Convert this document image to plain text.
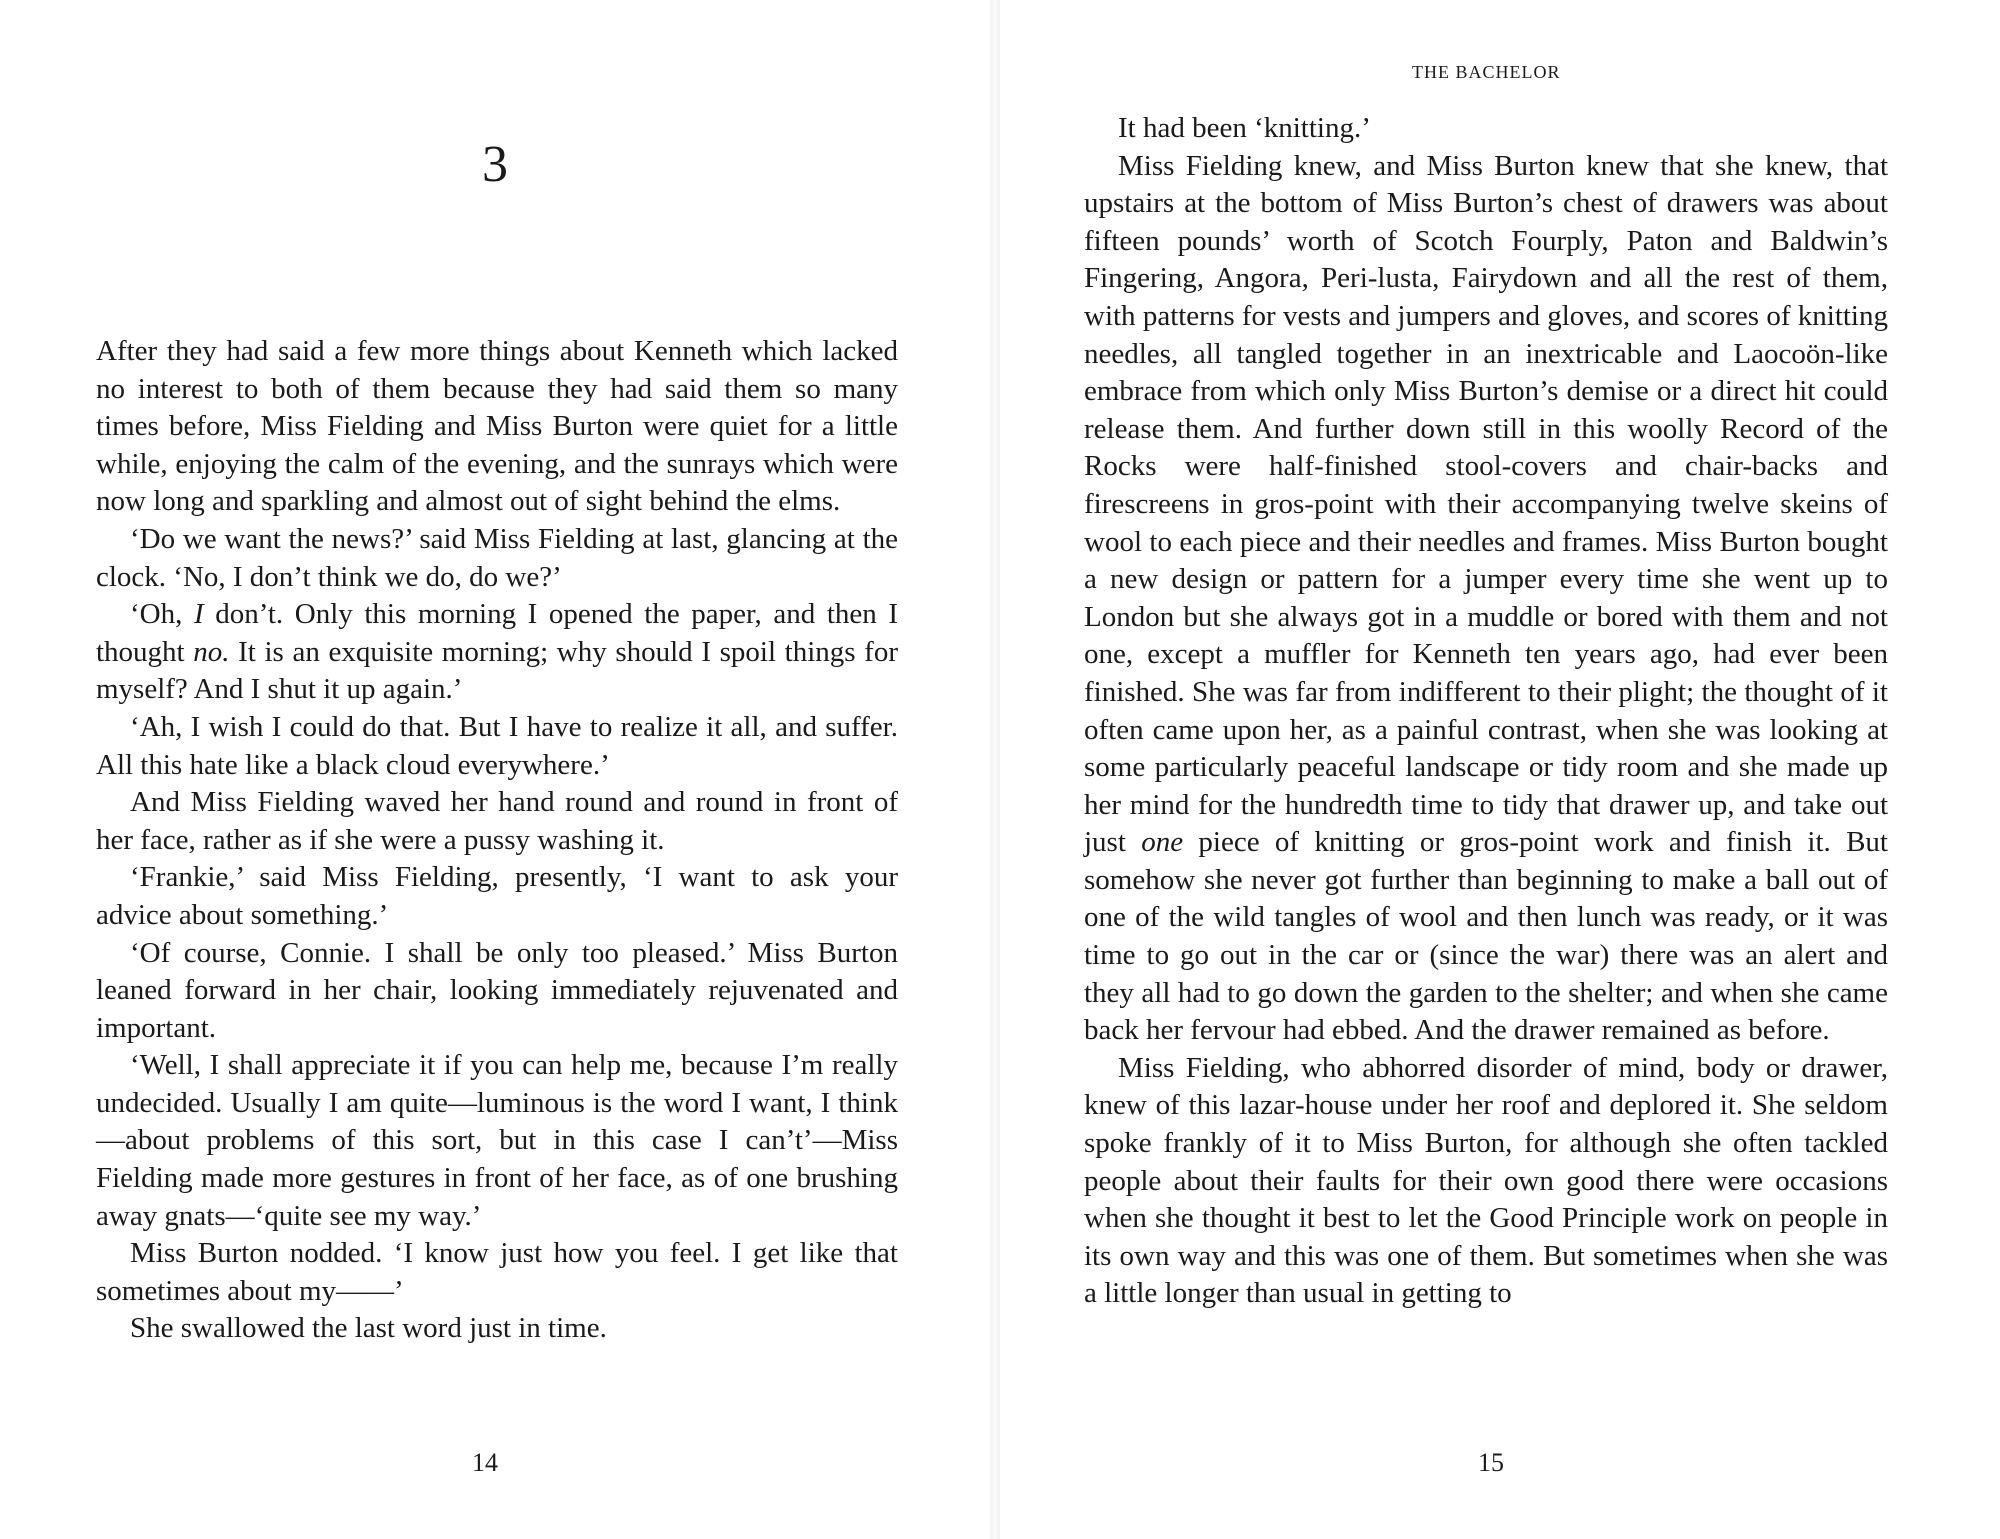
3

After they had said a few more things about Kenneth which lacked no interest to both of them because they had said them so many times before, Miss Fielding and Miss Burton were quiet for a little while, enjoying the calm of the evening, and the sunrays which were now long and sparkling and almost out of sight behind the elms.

‘Do we want the news?’ said Miss Fielding at last, glancing at the clock. ‘No, I don’t think we do, do we?’

‘Oh, I don’t. Only this morning I opened the paper, and then I thought no. It is an exquisite morning; why should I spoil things for myself? And I shut it up again.’

‘Ah, I wish I could do that. But I have to realize it all, and suffer. All this hate like a black cloud everywhere.’

And Miss Fielding waved her hand round and round in front of her face, rather as if she were a pussy washing it.

‘Frankie,’ said Miss Fielding, presently, ‘I want to ask your advice about something.’

‘Of course, Connie. I shall be only too pleased.’ Miss Burton leaned forward in her chair, looking immediately rejuvenated and important.

‘Well, I shall appreciate it if you can help me, because I’m really undecided. Usually I am quite—luminous is the word I want, I think—about problems of this sort, but in this case I can’t’—Miss Fielding made more gestures in front of her face, as of one brushing away gnats—‘quite see my way.’

Miss Burton nodded. ‘I know just how you feel. I get like that sometimes about my——’

She swallowed the last word just in time.

14

THE BACHELOR

It had been ‘knitting.’

Miss Fielding knew, and Miss Burton knew that she knew, that upstairs at the bottom of Miss Burton’s chest of drawers was about fifteen pounds’ worth of Scotch Fourply, Paton and Baldwin’s Fingering, Angora, Peri-lusta, Fairydown and all the rest of them, with patterns for vests and jumpers and gloves, and scores of knitting needles, all tangled together in an inextricable and Laocoön-like embrace from which only Miss Burton’s demise or a direct hit could release them. And further down still in this woolly Record of the Rocks were half-finished stool-covers and chair-backs and firescreens in gros-point with their accompanying twelve skeins of wool to each piece and their needles and frames. Miss Burton bought a new design or pattern for a jumper every time she went up to London but she always got in a muddle or bored with them and not one, except a muffler for Kenneth ten years ago, had ever been finished. She was far from indifferent to their plight; the thought of it often came upon her, as a painful contrast, when she was looking at some particularly peaceful landscape or tidy room and she made up her mind for the hundredth time to tidy that drawer up, and take out just one piece of knitting or gros-point work and finish it. But somehow she never got further than beginning to make a ball out of one of the wild tangles of wool and then lunch was ready, or it was time to go out in the car or (since the war) there was an alert and they all had to go down the garden to the shelter; and when she came back her fervour had ebbed. And the drawer remained as before.

Miss Fielding, who abhorred disorder of mind, body or drawer, knew of this lazar-house under her roof and deplored it. She seldom spoke frankly of it to Miss Burton, for although she often tackled people about their faults for their own good there were occasions when she thought it best to let the Good Principle work on people in its own way and this was one of them. But sometimes when she was a little longer than usual in getting to

15
